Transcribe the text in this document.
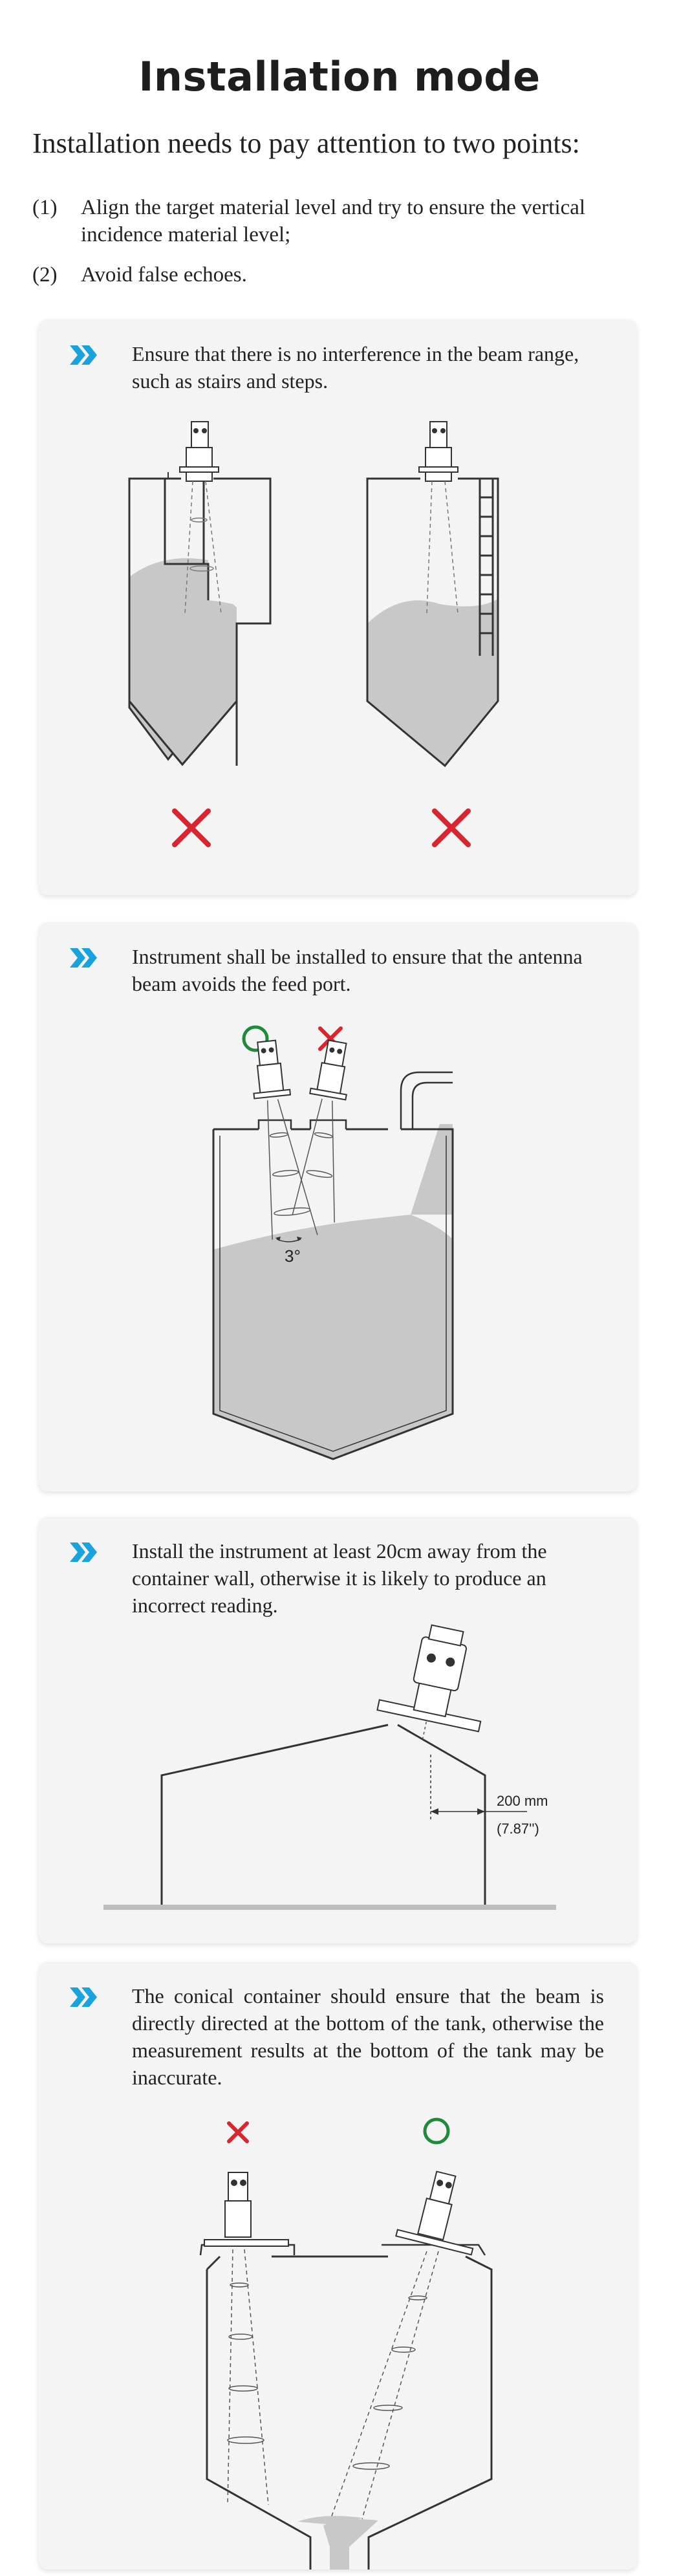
Installation mode
Installation needs to pay attention to two points:
(1)	Align the target material level and try to ensure the vertical incidence material level;
(2)	Avoid false echoes.
Ensure that there is no interference in the beam range, such as stairs and steps.
Instrument shall be installed to ensure that the antenna beam avoids the feed port.
3°
Install the instrument at least 20cm away from the container wall, otherwise it is likely to produce an incorrect reading.
200 mm
(7.87'')
The conical container should ensure that the beam is directly directed at the bottom of the tank, otherwise the measurement results at the bottom of the tank may be inaccurate.
